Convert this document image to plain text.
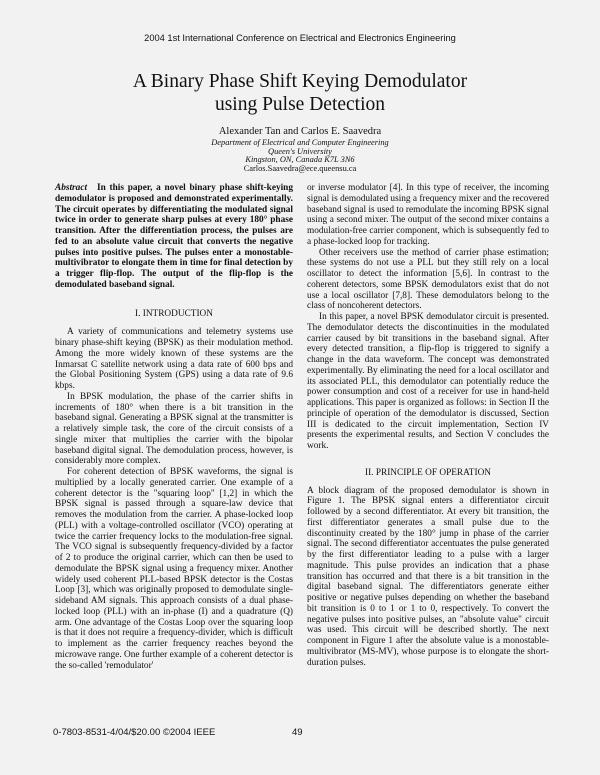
2004 1st International Conference on Electrical and Electronics Engineering
A Binary Phase Shift Keying Demodulator
using Pulse Detection
Alexander Tan and Carlos E. Saavedra
Department of Electrical and Computer Engineering
Queen's University
Kingston, ON, Canada K7L 3N6
Carlos.Saavedra@ece.queensu.ca

Abstract In this paper, a novel binary phase shift-keying demodulator is proposed and demonstrated experimentally. The circuit operates by differentiating the modulated signal twice in order to generate sharp pulses at every 180° phase transition. After the differentiation process, the pulses are fed to an absolute value circuit that converts the negative pulses into positive pulses. The pulses enter a monostable-multivibrator to elongate them in time for final detection by a trigger flip-flop. The output of the flip-flop is the demodulated baseband signal.

I. INTRODUCTION

A variety of communications and telemetry systems use binary phase-shift keying (BPSK) as their modulation method. Among the more widely known of these systems are the Inmarsat C satellite network using a data rate of 600 bps and the Global Positioning System (GPS) using a data rate of 9.6 kbps.

In BPSK modulation, the phase of the carrier shifts in increments of 180° when there is a bit transition in the baseband signal. Generating a BPSK signal at the transmitter is a relatively simple task, the core of the circuit consists of a single mixer that multiplies the carrier with the bipolar baseband digital signal. The demodulation process, however, is considerably more complex.

For coherent detection of BPSK waveforms, the signal is multiplied by a locally generated carrier. One example of a coherent detector is the "squaring loop" [1,2] in which the BPSK signal is passed through a square-law device that removes the modulation from the carrier. A phase-locked loop (PLL) with a voltage-controlled oscillator (VCO) operating at twice the carrier frequency locks to the modulation-free signal. The VCO signal is subsequently frequency-divided by a factor of 2 to produce the original carrier, which can then be used to demodulate the BPSK signal using a frequency mixer. Another widely used coherent PLL-based BPSK detector is the Costas Loop [3], which was originally proposed to demodulate single-sideband AM signals. This approach consists of a dual phase-locked loop (PLL) with an in-phase (I) and a quadrature (Q) arm. One advantage of the Costas Loop over the squaring loop is that it does not require a frequency-divider, which is difficult to implement as the carrier frequency reaches beyond the microwave range. One further example of a coherent detector is the so-called 'remodulator'

or inverse modulator [4]. In this type of receiver, the incoming signal is demodulated using a frequency mixer and the recovered baseband signal is used to remodulate the incoming BPSK signal using a second mixer. The output of the second mixer contains a modulation-free carrier component, which is subsequently fed to a phase-locked loop for tracking.

Other receivers use the method of carrier phase estimation; these systems do not use a PLL but they still rely on a local oscillator to detect the information [5,6]. In contrast to the coherent detectors, some BPSK demodulators exist that do not use a local oscillator [7,8]. These demodulators belong to the class of noncoherent detectors.

In this paper, a novel BPSK demodulator circuit is presented. The demodulator detects the discontinuities in the modulated carrier caused by bit transitions in the baseband signal. After every detected transition, a flip-flop is triggered to signify a change in the data waveform. The concept was demonstrated experimentally. By eliminating the need for a local oscillator and its associated PLL, this demodulator can potentially reduce the power consumption and cost of a receiver for use in hand-held applications. This paper is organized as follows: in Section II the principle of operation of the demodulator is discussed, Section III is dedicated to the circuit implementation, Section IV presents the experimental results, and Section V concludes the work.

II. PRINCIPLE OF OPERATION

A block diagram of the proposed demodulator is shown in Figure 1. The BPSK signal enters a differentiator circuit followed by a second differentiator. At every bit transition, the first differentiator generates a small pulse due to the discontinuity created by the 180° jump in phase of the carrier signal. The second differentiator accentuates the pulse generated by the first differentiator leading to a pulse with a larger magnitude. This pulse provides an indication that a phase transition has occurred and that there is a bit transition in the digital baseband signal. The differentiators generate either positive or negative pulses depending on whether the baseband bit transition is 0 to 1 or 1 to 0, respectively. To convert the negative pulses into positive pulses, an "absolute value" circuit was used. This circuit will be described shortly. The next component in Figure 1 after the absolute value is a monostable-multivibrator (MS-MV), whose purpose is to elongate the short-duration pulses.

0-7803-8531-4/04/$20.00 ©2004 IEEE	49
